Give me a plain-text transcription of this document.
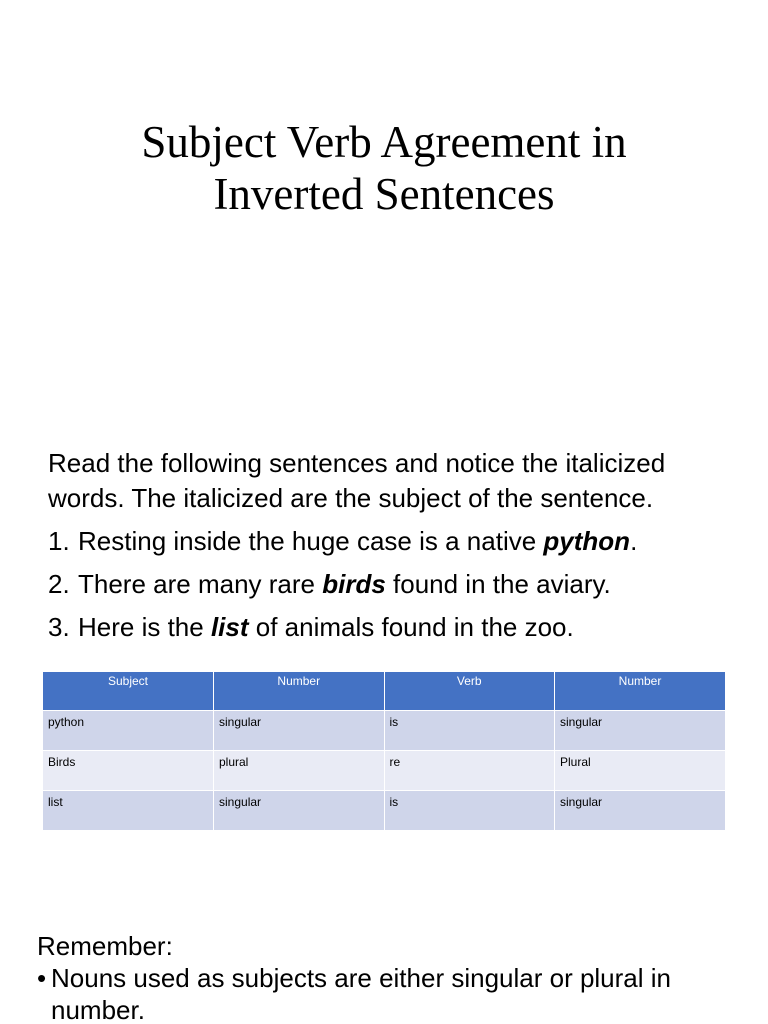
Subject Verb Agreement in
Inverted Sentences

Read the following sentences and notice the italicized words. The italicized are the subject of the sentence.

1. Resting inside the huge case is a native python.

2. There are many rare birds found in the aviary.

3. Here is the list of animals found in the zoo.

Subject	Number	Verb	Number
python	singular	is	singular
Birds	plural	re	Plural
list	singular	is	singular

Remember:

• Nouns used as subjects are either singular or plural in number.
